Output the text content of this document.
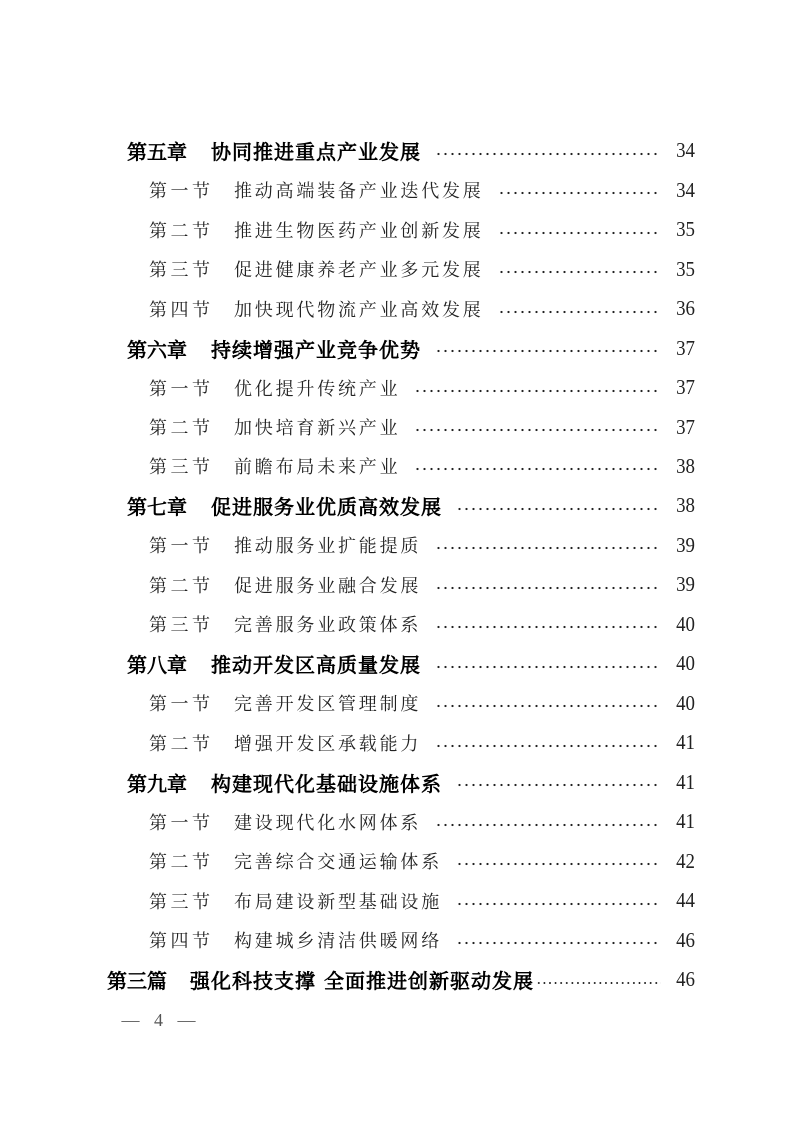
第五章	协同推进重点产业发展	34
第一节	推动高端装备产业迭代发展	34
第二节	推进生物医药产业创新发展	35
第三节	促进健康养老产业多元发展	35
第四节	加快现代物流产业高效发展	36
第六章	持续增强产业竞争优势	37
第一节	优化提升传统产业	37
第二节	加快培育新兴产业	37
第三节	前瞻布局未来产业	38
第七章	促进服务业优质高效发展	38
第一节	推动服务业扩能提质	39
第二节	促进服务业融合发展	39
第三节	完善服务业政策体系	40
第八章	推动开发区高质量发展	40
第一节	完善开发区管理制度	40
第二节	增强开发区承载能力	41
第九章	构建现代化基础设施体系	41
第一节	建设现代化水网体系	41
第二节	完善综合交通运输体系	42
第三节	布局建设新型基础设施	44
第四节	构建城乡清洁供暖网络	46
第三篇	强化科技支撑 全面推进创新驱动发展	46
— 4 —
